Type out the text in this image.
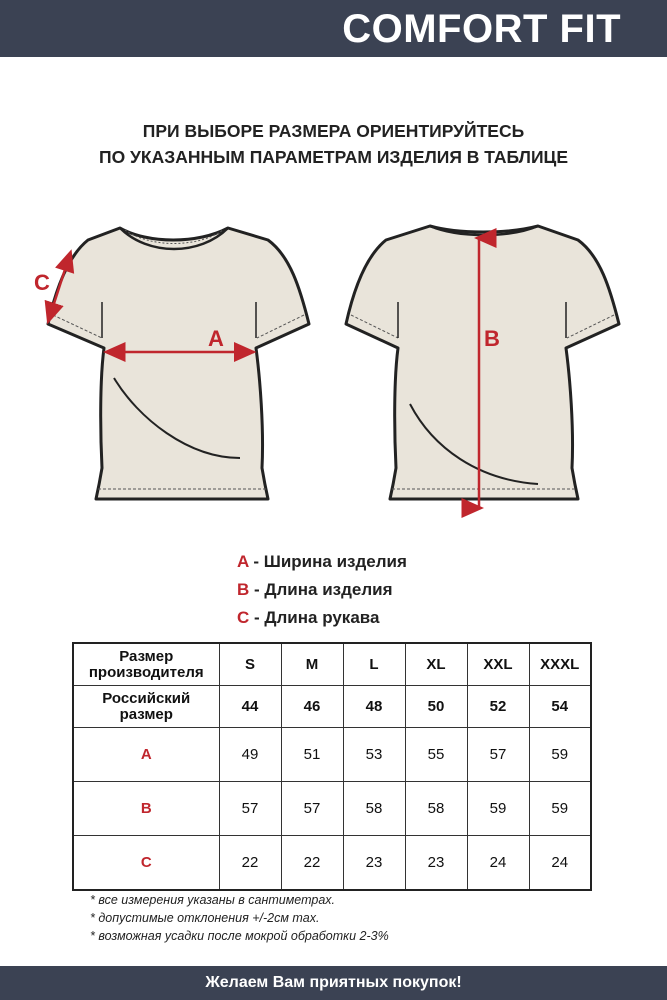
COMFORT FIT
ПРИ ВЫБОРЕ РАЗМЕРА ОРИЕНТИРУЙТЕСЬ
ПО УКАЗАННЫМ ПАРАМЕТРАМ ИЗДЕЛИЯ В ТАБЛИЦЕ
A
C
B
A - Ширина изделия
B - Длина изделия
C - Длина рукава
Размер производителя	S	M	L	XL	XXL	XXXL
Российский размер	44	46	48	50	52	54
A	49	51	53	55	57	59
B	57	57	58	58	59	59
C	22	22	23	23	24	24
* все измерения указаны в сантиметрах.
* допустимые отклонения +/-2см max.
* возможная усадки после мокрой обработки 2-3%
Желаем Вам приятных покупок!
